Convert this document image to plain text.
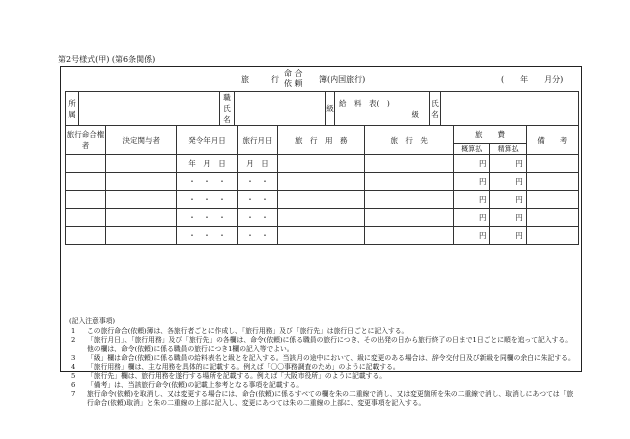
第2号様式(甲) (第6条関係)
旅	行
命 合
依 頼 簿(内国旅行)	(　　年　　月分)
所属		職氏名		級	
給　料　表(　)
級
	氏名	
旅行命合権者	決定関与者	発令年月日	旅行月日	旅　行　用　務	旅　行　先	旅　　費		備　　考
						概算払	精算払	
		年　月　日	月　日			円	円	
		・　・　・	・　・			円	円	
		・　・　・	・　・			円	円	
		・　・　・	・　・			円	円	
		・　・　・	・　・			円	円	
(記入注意事項)
1	この旅行命合(依頼)簿は、各旅行者ごとに作成し、「旅行用務」及び「旅行先」は旅行日ごとに記入する。
2	「旅行月日」、「旅行用務」及び「旅行先」の各欄は、命令(依頼)に係る職員の旅行につき、その出発の日から旅行終了の日まで1日ごとに順を追って記入する。他の欄は、命令(依頼)に係る職員の旅行につき1欄の記入等でよい。
3	「級」欄は命合(依頼)に係る職員の給料表名と級とを記入する。当該月の途中において、級に変更のある場合は、辞令交付日及び新級を同欄の余白に朱記する。
4	「旅行用務」欄は、主な用務を具体的に記載する。例えば「〇〇事務調査のため」のように記載する。
5	「旅行先」欄は、旅行用務を遂行する場所を記載する。例えば「大阪市役所」のように記載する。
6	「備考」は、当該旅行命令(依頼)の記載上参考となる事項を記載する。
7	旅行命令(依頼)を取消し、又は変更する場合には、命合(依頼)に係るすべての欄を朱の二重線で消し、又は変更箇所を朱の二重線で消し、取消しにあつては「旅行命合(依頼)取消」と朱の二重線の上部に記入し、変更にあつては朱の二重線の上部に、変更事項を記入する。
